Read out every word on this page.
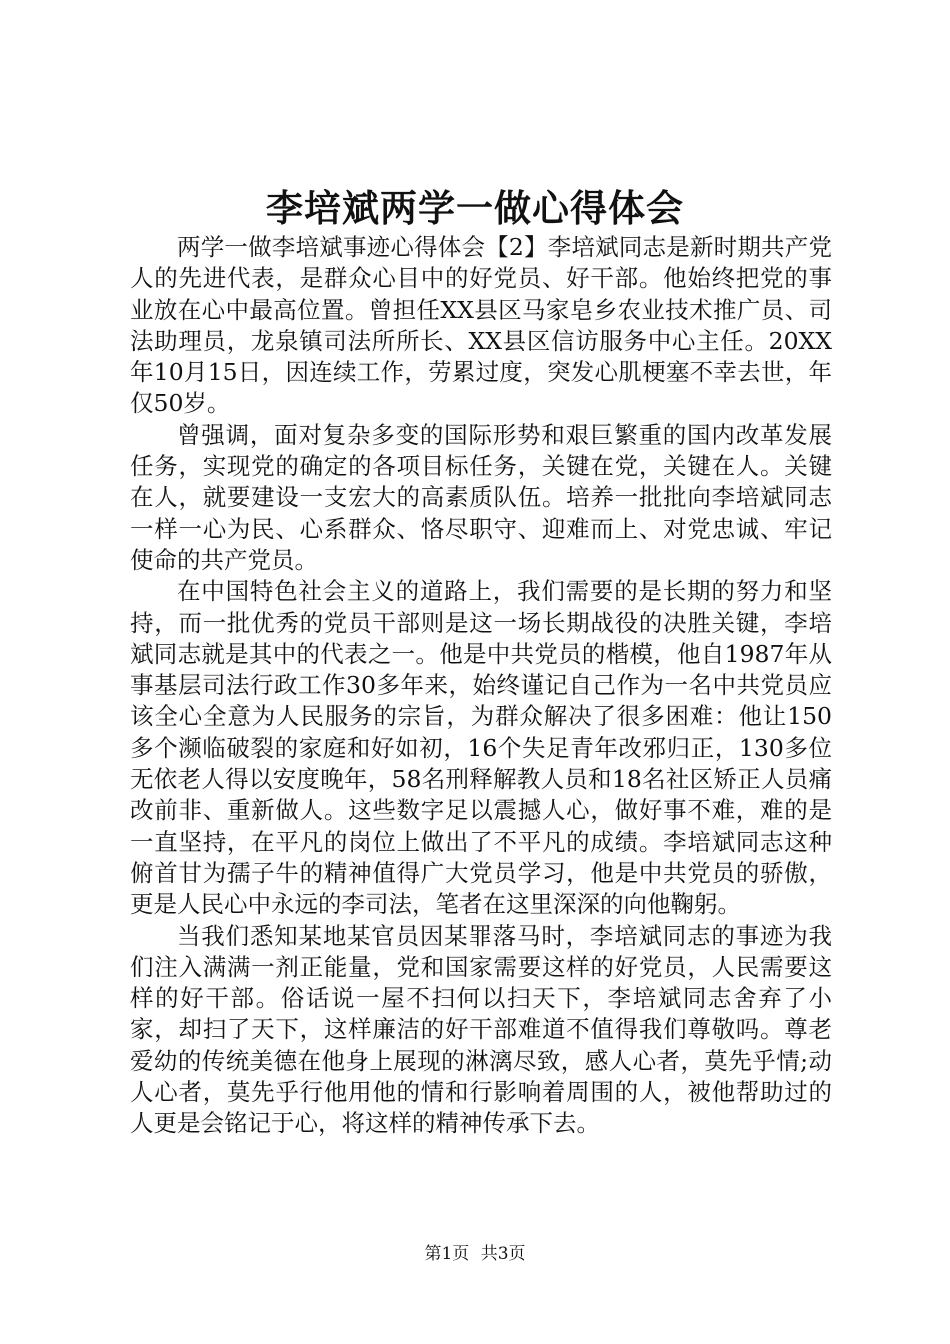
李培斌两学一做心得体会

两学一做李培斌事迹心得体会【2】李培斌同志是新时期共产党人的先进代表，是群众心目中的好党员、好干部。他始终把党的事业放在心中最高位置。曾担任XX县区马家皂乡农业技术推广员、司法助理员，龙泉镇司法所所长、XX县区信访服务中心主任。20XX年10月15日，因连续工作，劳累过度，突发心肌梗塞不幸去世，年仅50岁。

曾强调，面对复杂多变的国际形势和艰巨繁重的国内改革发展任务，实现党的确定的各项目标任务，关键在党，关键在人。关键在人，就要建设一支宏大的高素质队伍。培养一批批向李培斌同志一样一心为民、心系群众、恪尽职守、迎难而上、对党忠诚、牢记使命的共产党员。

在中国特色社会主义的道路上，我们需要的是长期的努力和坚持，而一批优秀的党员干部则是这一场长期战役的决胜关键，李培斌同志就是其中的代表之一。他是中共党员的楷模，他自1987年从事基层司法行政工作30多年来，始终谨记自己作为一名中共党员应该全心全意为人民服务的宗旨，为群众解决了很多困难：他让150多个濒临破裂的家庭和好如初，16个失足青年改邪归正，130多位无依老人得以安度晚年，58名刑释解教人员和18名社区矫正人员痛改前非、重新做人。这些数字足以震撼人心，做好事不难，难的是一直坚持，在平凡的岗位上做出了不平凡的成绩。李培斌同志这种俯首甘为孺子牛的精神值得广大党员学习，他是中共党员的骄傲，更是人民心中永远的李司法，笔者在这里深深的向他鞠躬。

当我们悉知某地某官员因某罪落马时，李培斌同志的事迹为我们注入满满一剂正能量，党和国家需要这样的好党员，人民需要这样的好干部。俗话说一屋不扫何以扫天下，李培斌同志舍弃了小家，却扫了天下，这样廉洁的好干部难道不值得我们尊敬吗。尊老爱幼的传统美德在他身上展现的淋漓尽致，感人心者，莫先乎情;动人心者，莫先乎行他用他的情和行影响着周围的人，被他帮助过的人更是会铭记于心，将这样的精神传承下去。

第1页 共3页
